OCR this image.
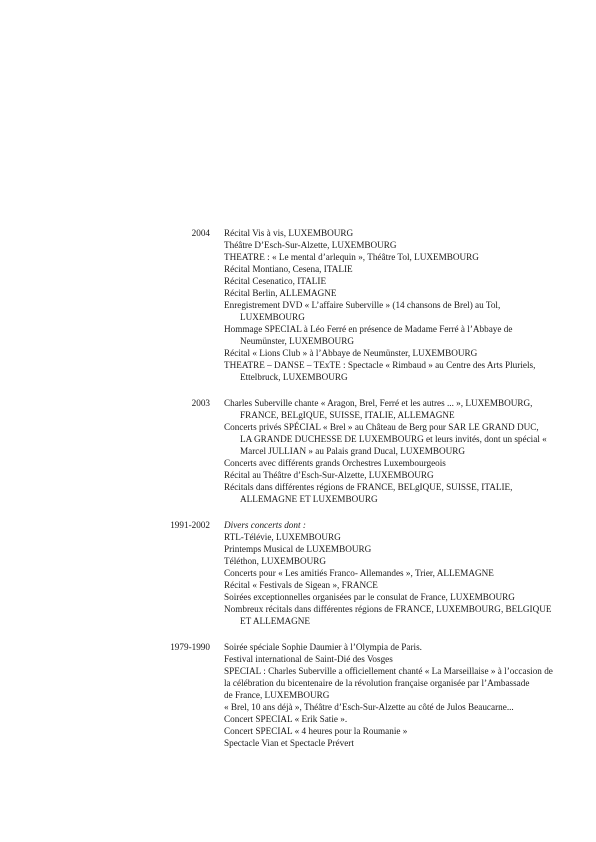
2004 Récital Vis à vis, LUXEMBOURG
Théâtre D’Esch-Sur-Alzette, LUXEMBOURG
THEATRE : « Le mental d’arlequin », Théâtre Tol, LUXEMBOURG
Récital Montiano, Cesena, ITALIE
Récital Cesenatico, ITALIE
Récital Berlin, ALLEMAGNE
Enregistrement DVD « L’affaire Suberville » (14 chansons de Brel) au Tol,
LUXEMBOURG
Hommage SPECIAL à Léo Ferré en présence de Madame Ferré à l’Abbaye de
Neumünster, LUXEMBOURG
Récital « Lions Club » à l’Abbaye de Neumünster, LUXEMBOURG
THEATRE – DANSE – TExTE : Spectacle « Rimbaud » au Centre des Arts Pluriels,
Ettelbruck, LUXEMBOURG
2003 Charles Suberville chante « Aragon, Brel, Ferré et les autres ... », LUXEMBOURG,
FRANCE, BELgIQUE, SUISSE, ITALIE, ALLEMAGNE
Concerts privés SPÉCIAL « Brel » au Château de Berg pour SAR LE GRAND DUC,
LA GRANDE DUCHESSE DE LUXEMBOURG et leurs invités, dont un spécial «
Marcel JULLIAN » au Palais grand Ducal, LUXEMBOURG
Concerts avec différents grands Orchestres Luxembourgeois
Récital au Théâtre d’Esch-Sur-Alzette, LUXEMBOURG
Récitals dans différentes régions de FRANCE, BELgIQUE, SUISSE, ITALIE,
ALLEMAGNE ET LUXEMBOURG
1991-2002 Divers concerts dont :
RTL-Télévie, LUXEMBOURG
Printemps Musical de LUXEMBOURG
Téléthon, LUXEMBOURG
Concerts pour « Les amitiés Franco- Allemandes », Trier, ALLEMAGNE
Récital « Festivals de Sigean », FRANCE
Soirées exceptionnelles organisées par le consulat de France, LUXEMBOURG
Nombreux récitals dans différentes régions de FRANCE, LUXEMBOURG, BELGIQUE
ET ALLEMAGNE
1979-1990 Soirée spéciale Sophie Daumier à l’Olympia de Paris.
Festival international de Saint-Dié des Vosges
SPECIAL : Charles Suberville a officiellement chanté « La Marseillaise » à l’occasion de
la célébration du bicentenaire de la révolution française organisée par l’Ambassade
de France, LUXEMBOURG
« Brel, 10 ans déjà », Théâtre d’Esch-Sur-Alzette au côté de Julos Beaucarne...
Concert SPECIAL « Erik Satie ».
Concert SPECIAL « 4 heures pour la Roumanie »
Spectacle Vian et Spectacle Prévert
